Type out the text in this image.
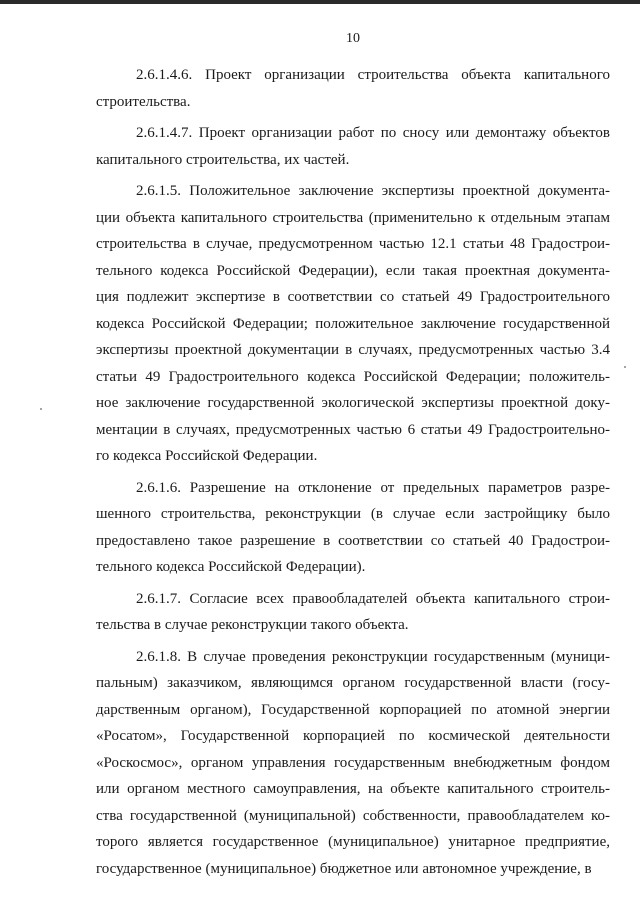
10
2.6.1.4.6. Проект организации строительства объекта капитального
строительства.
2.6.1.4.7. Проект организации работ по сносу или демонтажу объектов
капитального строительства, их частей.
2.6.1.5. Положительное заключение экспертизы проектной документа-
ции объекта капитального строительства (применительно к отдельным этапам
строительства в случае, предусмотренном частью 12.1 статьи 48 Градострои-
тельного кодекса Российской Федерации), если такая проектная документа-
ция подлежит экспертизе в соответствии со статьей 49 Градостроительного
кодекса Российской Федерации; положительное заключение государственной
экспертизы проектной документации в случаях, предусмотренных частью 3.4
статьи 49 Градостроительного кодекса Российской Федерации; положитель-
ное заключение государственной экологической экспертизы проектной доку-
ментации в случаях, предусмотренных частью 6 статьи 49 Градостроительно-
го кодекса Российской Федерации.
2.6.1.6. Разрешение на отклонение от предельных параметров разре-
шенного строительства, реконструкции (в случае если застройщику было
предоставлено такое разрешение в соответствии со статьей 40 Градострои-
тельного кодекса Российской Федерации).
2.6.1.7. Согласие всех правообладателей объекта капитального строи-
тельства в случае реконструкции такого объекта.
2.6.1.8. В случае проведения реконструкции государственным (муници-
пальным) заказчиком, являющимся органом государственной власти (госу-
дарственным органом), Государственной корпорацией по атомной энергии
«Росатом», Государственной корпорацией по космической деятельности
«Роскосмос», органом управления государственным внебюджетным фондом
или органом местного самоуправления, на объекте капитального строитель-
ства государственной (муниципальной) собственности, правообладателем ко-
торого является государственное (муниципальное) унитарное предприятие,
государственное (муниципальное) бюджетное или автономное учреждение, в
